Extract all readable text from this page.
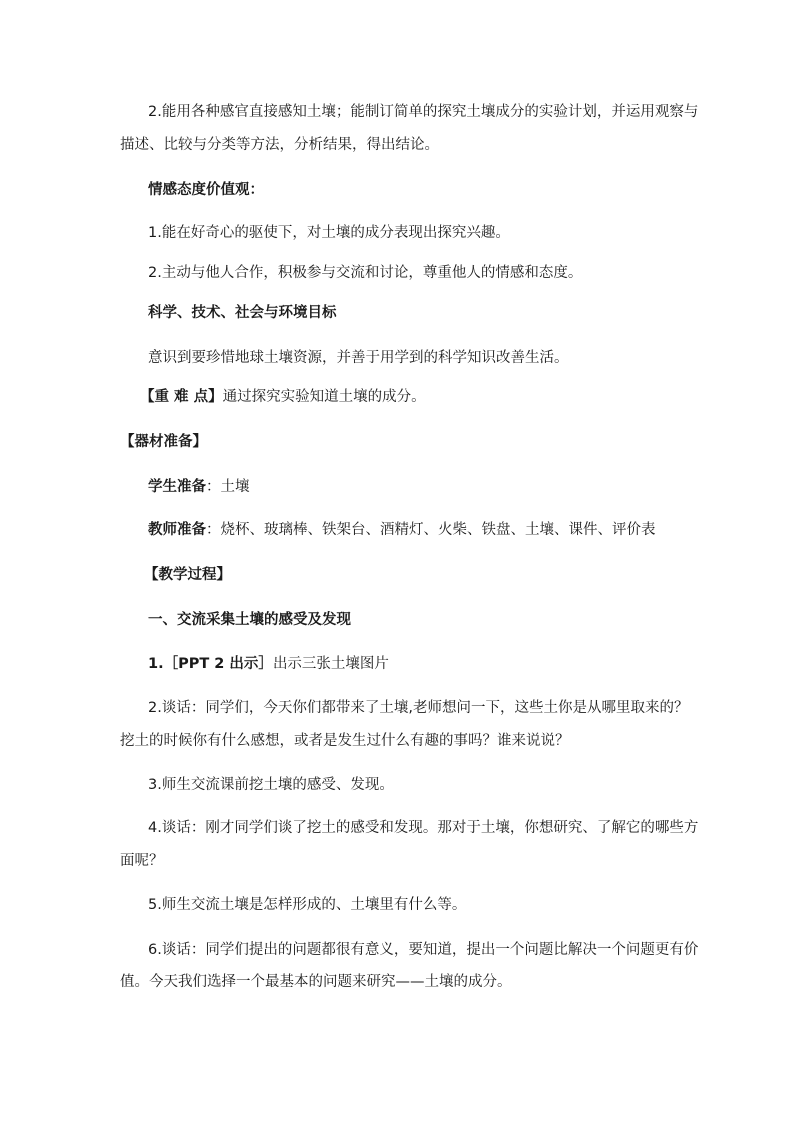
2.能用各种感官直接感知土壤；能制订简单的探究土壤成分的实验计划，并运用观察与
描述、比较与分类等方法，分析结果，得出结论。
情感态度价值观：
1.能在好奇心的驱使下，对土壤的成分表现出探究兴趣。
2.主动与他人合作，积极参与交流和讨论，尊重他人的情感和态度。
科学、技术、社会与环境目标
意识到要珍惜地球土壤资源，并善于用学到的科学知识改善生活。
【重 难 点】通过探究实验知道土壤的成分。
【器材准备】
学生准备：土壤
教师准备：烧杯、玻璃棒、铁架台、酒精灯、火柴、铁盘、土壤、课件、评价表
【教学过程】
一、交流采集土壤的感受及发现
1.［PPT 2 出示］出示三张土壤图片
2.谈话：同学们，今天你们都带来了土壤,老师想问一下，这些土你是从哪里取来的？
挖土的时候你有什么感想，或者是发生过什么有趣的事吗？谁来说说？
3.师生交流课前挖土壤的感受、发现。
4.谈话：刚才同学们谈了挖土的感受和发现。那对于土壤，你想研究、了解它的哪些方
面呢？
5.师生交流土壤是怎样形成的、土壤里有什么等。
6.谈话：同学们提出的问题都很有意义，要知道，提出一个问题比解决一个问题更有价
值。今天我们选择一个最基本的问题来研究——土壤的成分。
